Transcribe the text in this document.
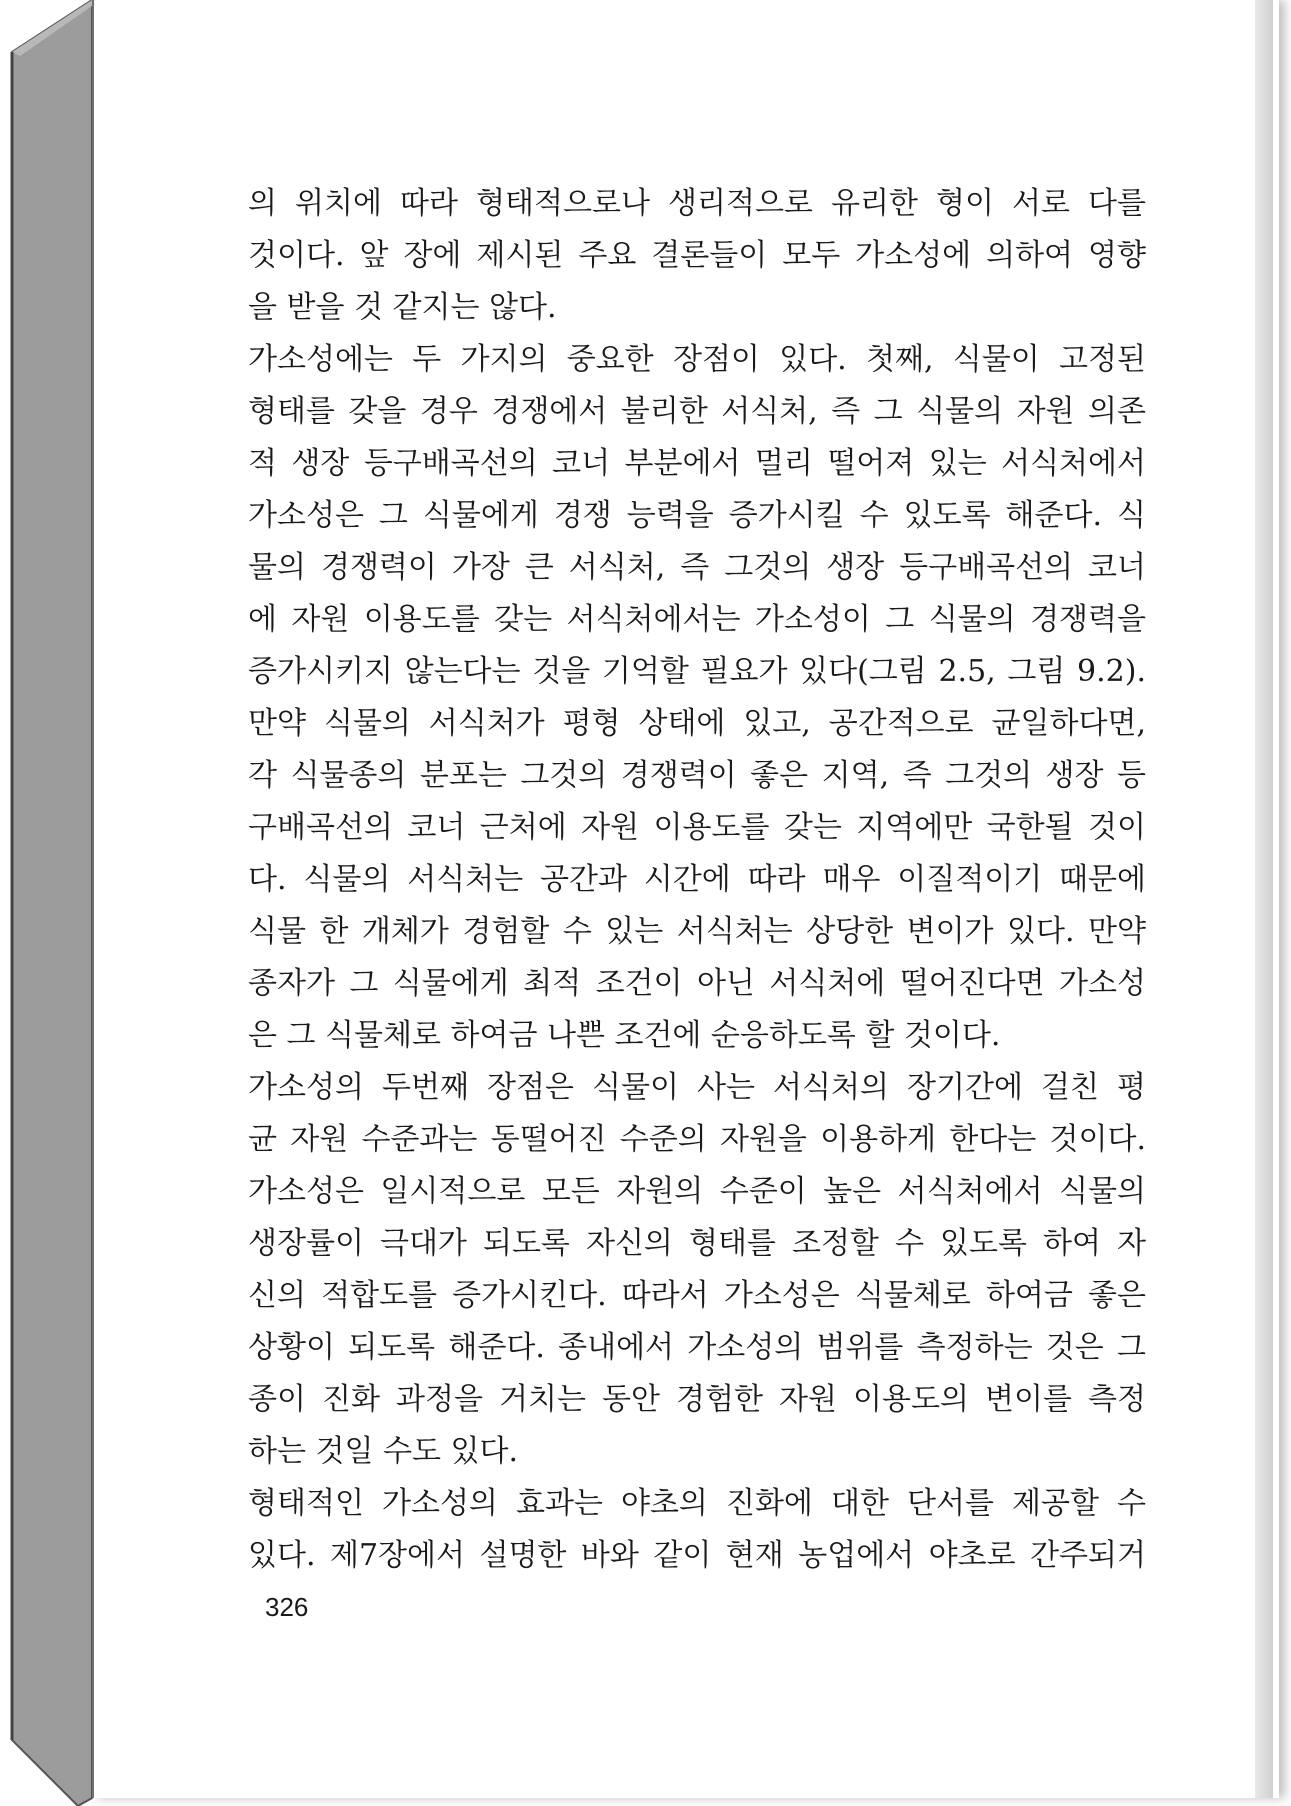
의 위치에 따라 형태적으로나 생리적으로 유리한 형이 서로 다를
것이다. 앞 장에 제시된 주요 결론들이 모두 가소성에 의하여 영향
을 받을 것 같지는 않다.
가소성에는 두 가지의 중요한 장점이 있다. 첫째, 식물이 고정된
형태를 갖을 경우 경쟁에서 불리한 서식처, 즉 그 식물의 자원 의존
적 생장 등구배곡선의 코너 부분에서 멀리 떨어져 있는 서식처에서
가소성은 그 식물에게 경쟁 능력을 증가시킬 수 있도록 해준다. 식
물의 경쟁력이 가장 큰 서식처, 즉 그것의 생장 등구배곡선의 코너
에 자원 이용도를 갖는 서식처에서는 가소성이 그 식물의 경쟁력을
증가시키지 않는다는 것을 기억할 필요가 있다(그림 2.5, 그림 9.2).
만약 식물의 서식처가 평형 상태에 있고, 공간적으로 균일하다면,
각 식물종의 분포는 그것의 경쟁력이 좋은 지역, 즉 그것의 생장 등
구배곡선의 코너 근처에 자원 이용도를 갖는 지역에만 국한될 것이
다. 식물의 서식처는 공간과 시간에 따라 매우 이질적이기 때문에
식물 한 개체가 경험할 수 있는 서식처는 상당한 변이가 있다. 만약
종자가 그 식물에게 최적 조건이 아닌 서식처에 떨어진다면 가소성
은 그 식물체로 하여금 나쁜 조건에 순응하도록 할 것이다.
가소성의 두번째 장점은 식물이 사는 서식처의 장기간에 걸친 평
균 자원 수준과는 동떨어진 수준의 자원을 이용하게 한다는 것이다.
가소성은 일시적으로 모든 자원의 수준이 높은 서식처에서 식물의
생장률이 극대가 되도록 자신의 형태를 조정할 수 있도록 하여 자
신의 적합도를 증가시킨다. 따라서 가소성은 식물체로 하여금 좋은
상황이 되도록 해준다. 종내에서 가소성의 범위를 측정하는 것은 그
종이 진화 과정을 거치는 동안 경험한 자원 이용도의 변이를 측정
하는 것일 수도 있다.
형태적인 가소성의 효과는 야초의 진화에 대한 단서를 제공할 수
있다. 제7장에서 설명한 바와 같이 현재 농업에서 야초로 간주되거
326
